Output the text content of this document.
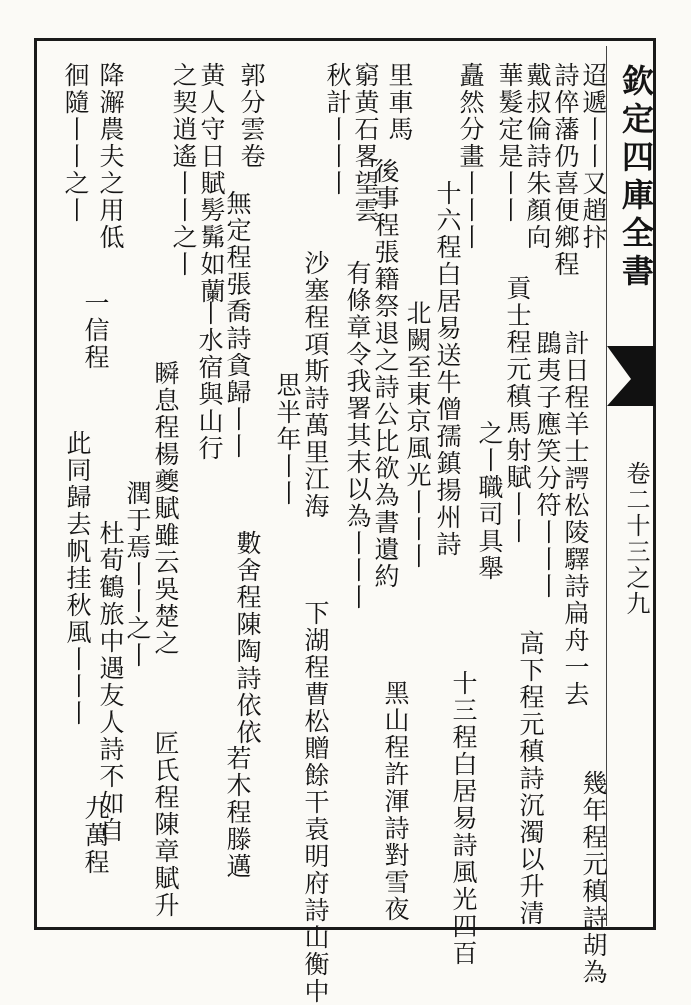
欽定四庫全書
卷二十三之九
迢遞丨丨又趙抃
詩倅藩仍喜便鄉程
戴叔倫詩朱顏向
華髮定是丨丨
矗然分畫丨丨丨
里車馬
窮黄石畧望雲
秋計丨丨丨
郭分雲卷
黄人守日賦髣髴如蘭
之契逍遙丨丨之丨
降澥農夫之用低
徊隨丨丨之丨
計日程羊士諤松陵驛詩扁舟一去
鵾夷子應笑分符丨丨丨
貢士程元稹馬射賦丨丨
之丨職司具舉
十六程白居易送牛僧孺鎮揚州詩
北闕至東京風光丨丨丨
後事程張籍祭退之詩公比欲為書遺約
有條章令我署其末以為丨丨丨
沙塞程項斯詩萬里江海
思半年丨丨
無定程張喬詩貪歸丨丨
丨水宿與山行
瞬息程楊夔賦雖云吳楚之
潤于焉丨丨之丨
一信程
此同歸去帆挂秋風丨丨丨
幾年程元稹詩胡為
高下程元稹詩沉濁以升清
十三程白居易詩風光四百
黑山程許渾詩對雪夜
下湖程曹松贈餘干袁明府詩山衡中
數舍程陳陶詩依依
若木程滕邁
匠氏程陳章賦升
杜荀鶴旅中遇友人詩不如自
九萬程
